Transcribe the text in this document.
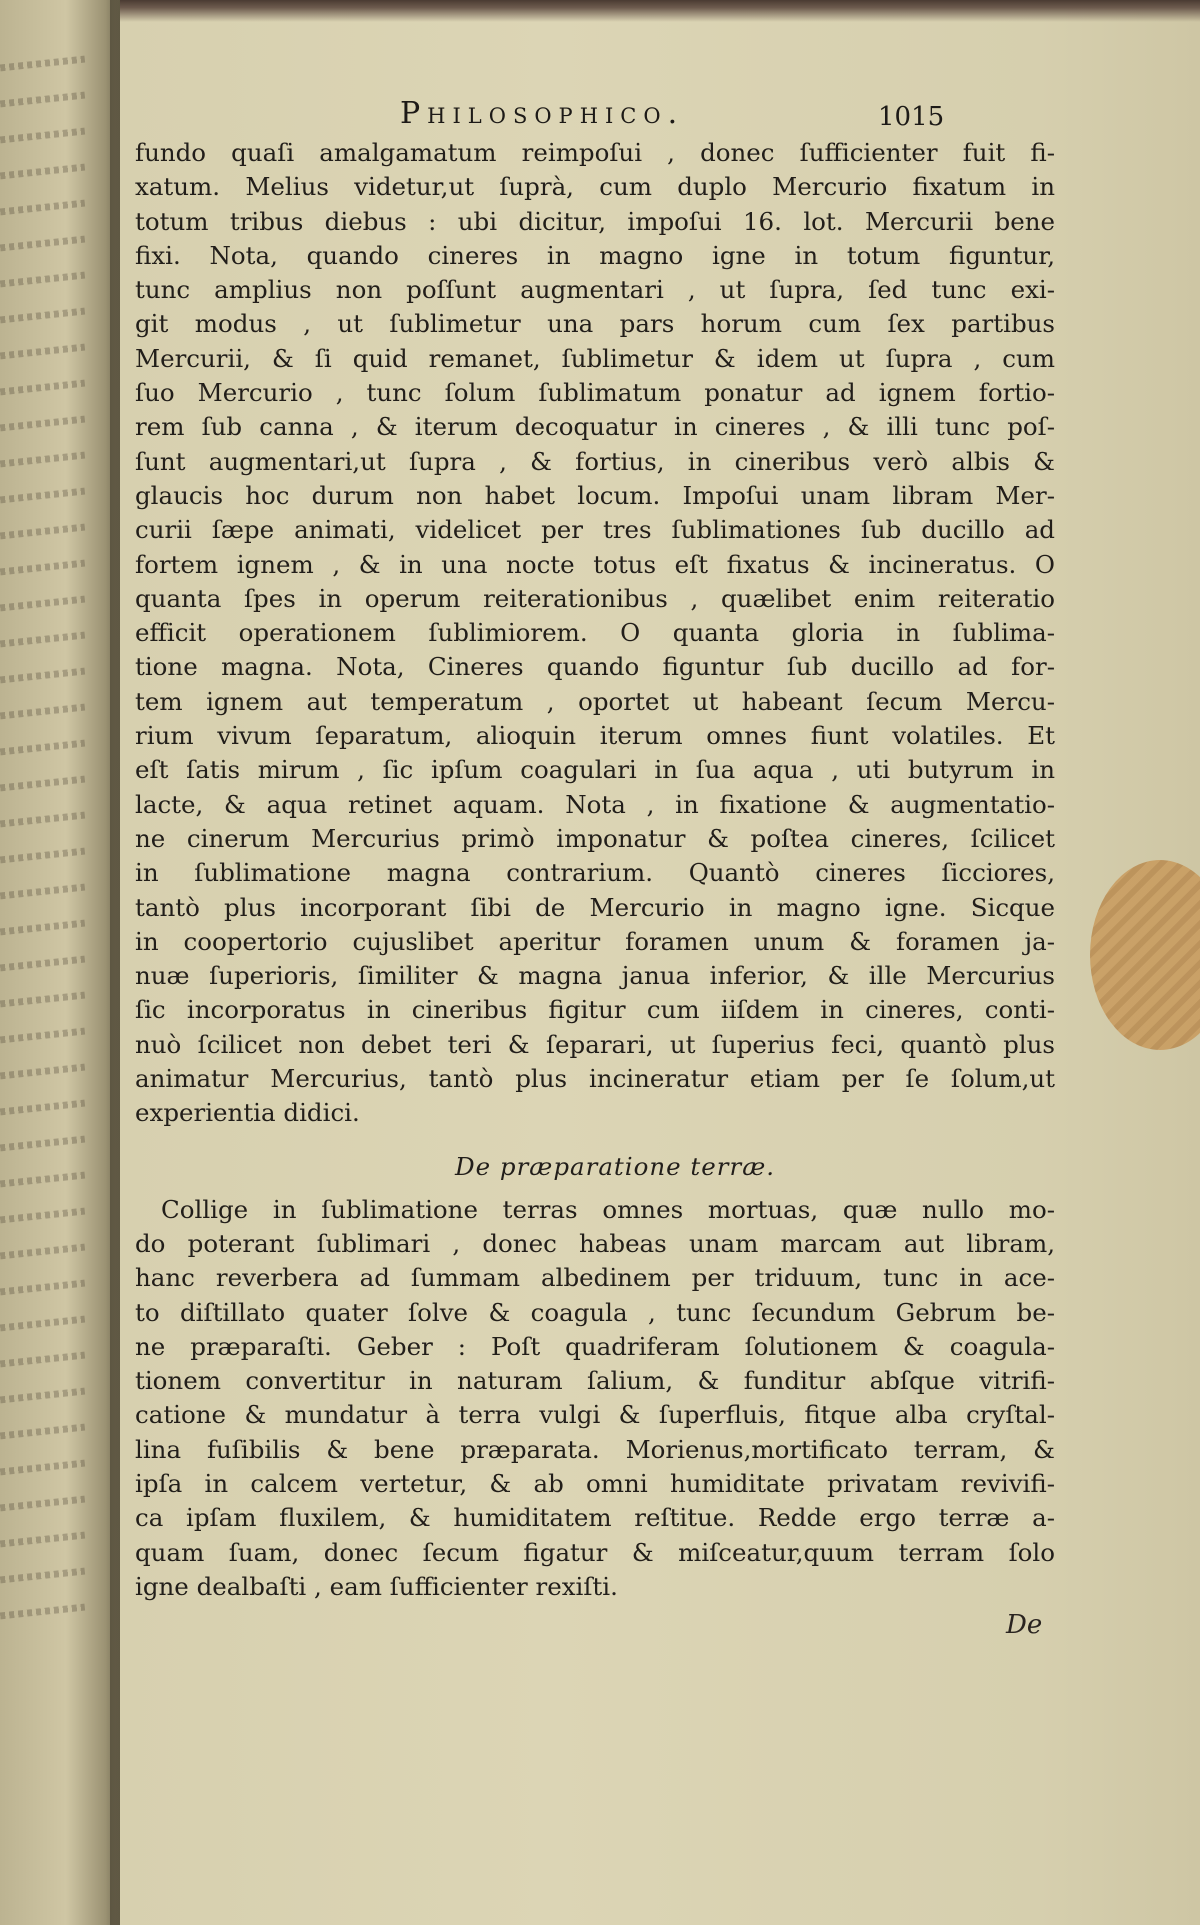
Philosophico.	1015
fundo quaſi amalgamatum reimpoſui , donec ſufficienter fuit fi-
xatum. Melius videtur,ut ſuprà, cum duplo Mercurio fixatum in
totum tribus diebus : ubi dicitur, impoſui 16. lot. Mercurii bene
fixi. Nota, quando cineres in magno igne in totum figuntur,
tunc amplius non poſſunt augmentari , ut ſupra, ſed tunc exi-
git modus , ut ſublimetur una pars horum cum ſex partibus
Mercurii, & ſi quid remanet, ſublimetur & idem ut ſupra , cum
ſuo Mercurio , tunc ſolum ſublimatum ponatur ad ignem fortio-
rem ſub canna , & iterum decoquatur in cineres , & illi tunc poſ-
ſunt augmentari,ut ſupra , & fortius, in cineribus verò albis &
glaucis hoc durum non habet locum. Impoſui unam libram Mer-
curii ſæpe animati, videlicet per tres ſublimationes ſub ducillo ad
fortem ignem , & in una nocte totus eſt fixatus & incineratus. O
quanta ſpes in operum reiterationibus , quælibet enim reiteratio
efficit operationem ſublimiorem. O quanta gloria in ſublima-
tione magna. Nota, Cineres quando figuntur ſub ducillo ad for-
tem ignem aut temperatum , oportet ut habeant ſecum Mercu-
rium vivum ſeparatum, alioquin iterum omnes fiunt volatiles. Et
eſt ſatis mirum , ſic ipſum coagulari in ſua aqua , uti butyrum in
lacte, & aqua retinet aquam. Nota , in fixatione & augmentatio-
ne cinerum Mercurius primò imponatur & poſtea cineres, ſcilicet
in ſublimatione magna contrarium. Quantò cineres ſicciores,
tantò plus incorporant ſibi de Mercurio in magno igne. Sicque
in coopertorio cujuslibet aperitur foramen unum & foramen ja-
nuæ ſuperioris, ſimiliter & magna janua inferior, & ille Mercurius
ſic incorporatus in cineribus figitur cum iiſdem in cineres, conti-
nuò ſcilicet non debet teri & ſeparari, ut ſuperius feci, quantò plus
animatur Mercurius, tantò plus incineratur etiam per ſe ſolum,ut
experientia didici.
De præparatione terræ.
Collige in ſublimatione terras omnes mortuas, quæ nullo mo-
do poterant ſublimari , donec habeas unam marcam aut libram,
hanc reverbera ad ſummam albedinem per triduum, tunc in ace-
to diſtillato quater ſolve & coagula , tunc ſecundum Gebrum be-
ne præparaſti. Geber : Poſt quadriferam ſolutionem & coagula-
tionem convertitur in naturam ſalium, & funditur abſque vitrifi-
catione & mundatur à terra vulgi & ſuperfluis, fitque alba cryſtal-
lina fuſibilis & bene præparata. Morienus,mortificato terram, &
ipſa in calcem vertetur, & ab omni humiditate privatam revivifi-
ca ipſam fluxilem, & humiditatem reſtitue. Redde ergo terræ a-
quam ſuam, donec ſecum figatur & miſceatur,quum terram ſolo
igne dealbaſti , eam ſufficienter rexiſti.
De
